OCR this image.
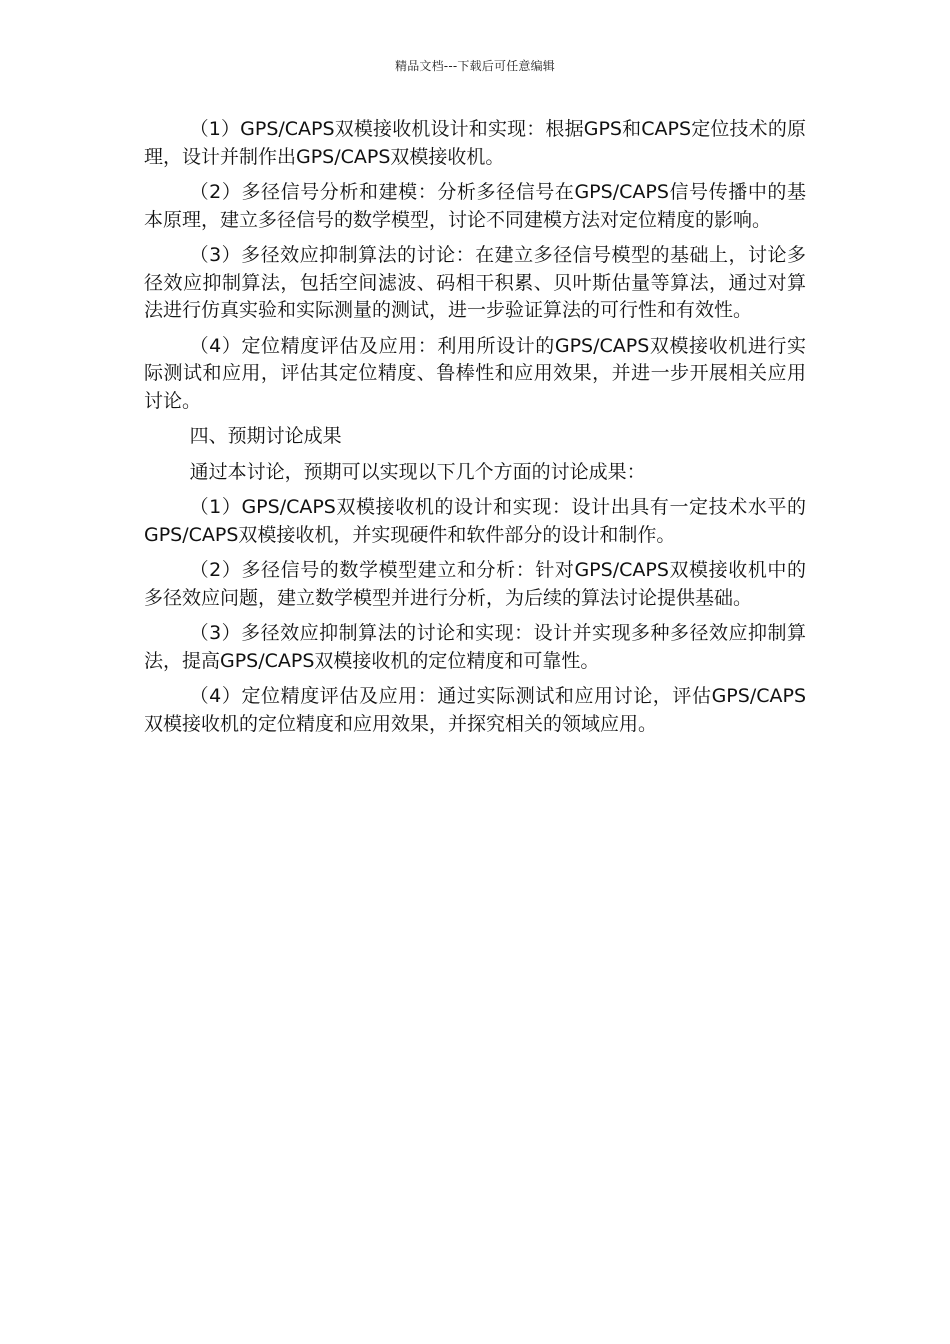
精品文档---下载后可任意编辑

（1）GPS/CAPS双模接收机设计和实现：根据GPS和CAPS定位技术的原理，设计并制作出GPS/CAPS双模接收机。

（2）多径信号分析和建模：分析多径信号在GPS/CAPS信号传播中的基本原理，建立多径信号的数学模型，讨论不同建模方法对定位精度的影响。

（3）多径效应抑制算法的讨论：在建立多径信号模型的基础上，讨论多径效应抑制算法，包括空间滤波、码相干积累、贝叶斯估量等算法，通过对算法进行仿真实验和实际测量的测试，进一步验证算法的可行性和有效性。

（4）定位精度评估及应用：利用所设计的GPS/CAPS双模接收机进行实际测试和应用，评估其定位精度、鲁棒性和应用效果，并进一步开展相关应用讨论。

四、预期讨论成果

通过本讨论，预期可以实现以下几个方面的讨论成果：

（1）GPS/CAPS双模接收机的设计和实现：设计出具有一定技术水平的GPS/CAPS双模接收机，并实现硬件和软件部分的设计和制作。

（2）多径信号的数学模型建立和分析：针对GPS/CAPS双模接收机中的多径效应问题，建立数学模型并进行分析，为后续的算法讨论提供基础。

（3）多径效应抑制算法的讨论和实现：设计并实现多种多径效应抑制算法，提高GPS/CAPS双模接收机的定位精度和可靠性。

（4）定位精度评估及应用：通过实际测试和应用讨论，评估GPS/CAPS双模接收机的定位精度和应用效果，并探究相关的领域应用。
